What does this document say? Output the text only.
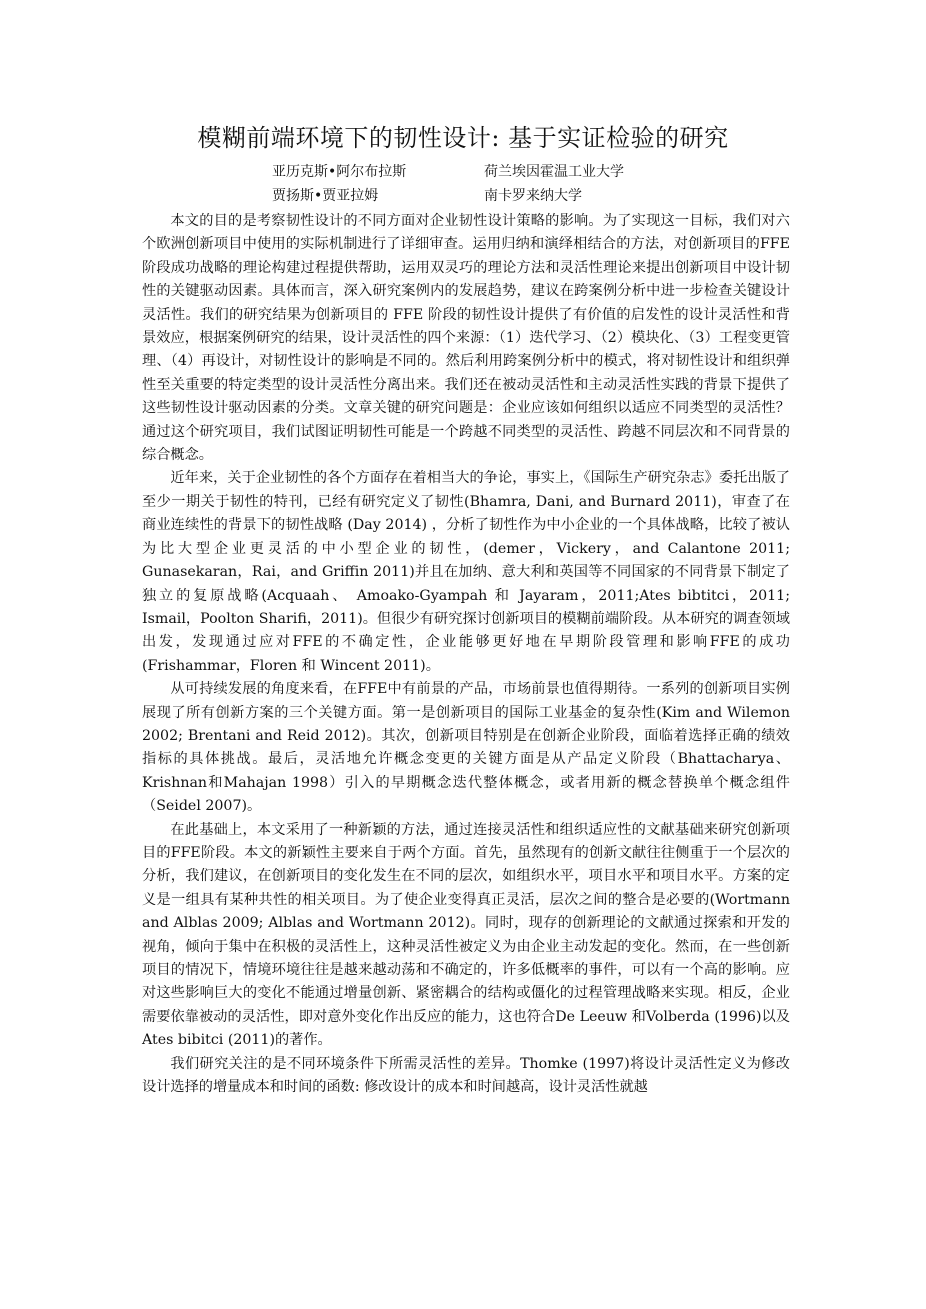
模糊前端环境下的韧性设计: 基于实证检验的研究
亚历克斯•阿尔布拉斯	荷兰埃因霍温工业大学
贾扬斯•贾亚拉姆	南卡罗来纳大学

本文的目的是考察韧性设计的不同方面对企业韧性设计策略的影响。为了实现这一目标，我们对六个欧洲创新项目中使用的实际机制进行了详细审查。运用归纳和演绎相结合的方法，对创新项目的FFE阶段成功战略的理论构建过程提供帮助，运用双灵巧的理论方法和灵活性理论来提出创新项目中设计韧性的关键驱动因素。具体而言，深入研究案例内的发展趋势，建议在跨案例分析中进一步检查关键设计灵活性。我们的研究结果为创新项目的 FFE 阶段的韧性设计提供了有价值的启发性的设计灵活性和背景效应，根据案例研究的结果，设计灵活性的四个来源：（1）迭代学习、（2）模块化、（3）工程变更管理、（4）再设计，对韧性设计的影响是不同的。然后利用跨案例分析中的模式，将对韧性设计和组织弹性至关重要的特定类型的设计灵活性分离出来。我们还在被动灵活性和主动灵活性实践的背景下提供了这些韧性设计驱动因素的分类。文章关键的研究问题是：企业应该如何组织以适应不同类型的灵活性？通过这个研究项目，我们试图证明韧性可能是一个跨越不同类型的灵活性、跨越不同层次和不同背景的综合概念。

近年来，关于企业韧性的各个方面存在着相当大的争论，事实上，《国际生产研究杂志》委托出版了至少一期关于韧性的特刊，已经有研究定义了韧性(Bhamra, Dani, and Burnard 2011)，审查了在商业连续性的背景下的韧性战略 (Day 2014) ，分析了韧性作为中小企业的一个具体战略，比较了被认为比大型企业更灵活的中小型企业的韧性，(demer，Vickery，and Calantone 2011; Gunasekaran，Rai，and Griffin 2011)并且在加纳、意大利和英国等不同国家的不同背景下制定了独立的复原战略(Acquaah、 Amoako-Gyampah 和 Jayaram，2011;Ates bibtitci，2011; Ismail，Poolton Sharifi，2011)。但很少有研究探讨创新项目的模糊前端阶段。从本研究的调查领域出发，发现通过应对FFE的不确定性，企业能够更好地在早期阶段管理和影响FFE的成功(Frishammar，Floren 和 Wincent 2011)。

从可持续发展的角度来看，在FFE中有前景的产品，市场前景也值得期待。一系列的创新项目实例展现了所有创新方案的三个关键方面。第一是创新项目的国际工业基金的复杂性(Kim and Wilemon 2002; Brentani and Reid 2012)。其次，创新项目特别是在创新企业阶段，面临着选择正确的绩效指标的具体挑战。最后，灵活地允许概念变更的关键方面是从产品定义阶段（Bhattacharya、Krishnan和Mahajan 1998）引入的早期概念迭代整体概念，或者用新的概念替换单个概念组件（Seidel 2007)。

在此基础上，本文采用了一种新颖的方法，通过连接灵活性和组织适应性的文献基础来研究创新项目的FFE阶段。本文的新颖性主要来自于两个方面。首先，虽然现有的创新文献往往侧重于一个层次的分析，我们建议，在创新项目的变化发生在不同的层次，如组织水平，项目水平和项目水平。方案的定义是一组具有某种共性的相关项目。为了使企业变得真正灵活，层次之间的整合是必要的(Wortmann and Alblas 2009; Alblas and Wortmann 2012)。同时，现存的创新理论的文献通过探索和开发的视角，倾向于集中在积极的灵活性上，这种灵活性被定义为由企业主动发起的变化。然而，在一些创新项目的情况下，情境环境往往是越来越动荡和不确定的，许多低概率的事件，可以有一个高的影响。应对这些影响巨大的变化不能通过增量创新、紧密耦合的结构或僵化的过程管理战略来实现。相反，企业需要依靠被动的灵活性，即对意外变化作出反应的能力，这也符合De Leeuw 和Volberda (1996)以及 Ates bibitci (2011)的著作。

我们研究关注的是不同环境条件下所需灵活性的差异。Thomke (1997)将设计灵活性定义为修改设计选择的增量成本和时间的函数: 修改设计的成本和时间越高，设计灵活性就越
